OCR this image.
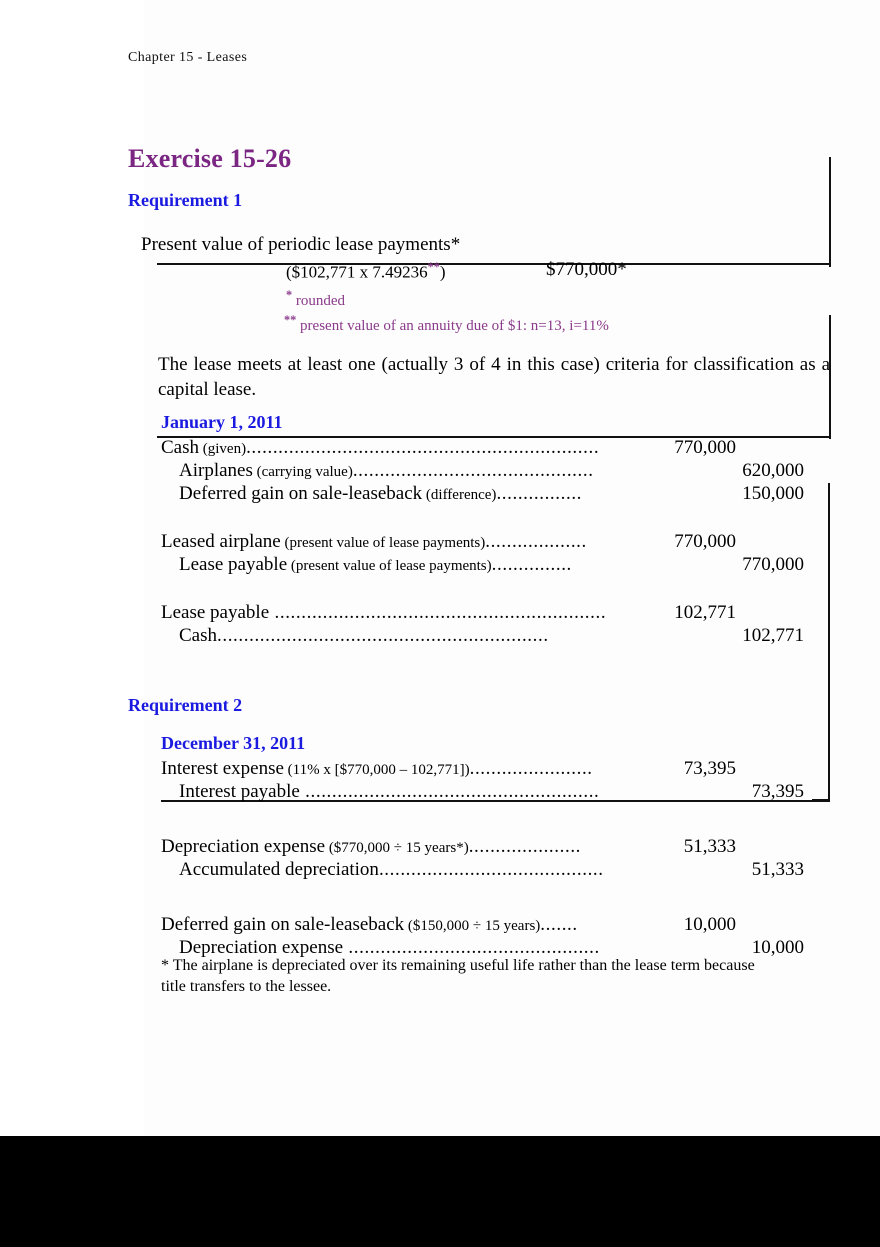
Chapter 15 - Leases
Exercise 15-26
Requirement 1
Present value of periodic lease payments*
($102,771 x 7.49236**)	$770,000*
* rounded
** present value of an annuity due of $1: n=13, i=11%
The lease meets at least one (actually 3 of 4 in this case) criteria for classification as a capital lease.
January 1, 2011
Cash (given)..................................................................	770,000
Airplanes (carrying value).............................................	620,000
Deferred gain on sale-leaseback (difference)................	150,000
Leased airplane (present value of lease payments)...................	770,000
Lease payable (present value of lease payments)...............	770,000
Lease payable ..............................................................	102,771
Cash..............................................................	102,771
Requirement 2
December 31, 2011
Interest expense (11% x [$770,000 – 102,771]).......................	73,395
Interest payable .......................................................	73,395
Depreciation expense ($770,000 ÷ 15 years*).....................	51,333
Accumulated depreciation..........................................	51,333
Deferred gain on sale-leaseback ($150,000 ÷ 15 years).......	10,000
Depreciation expense ...............................................	10,000
* The airplane is depreciated over its remaining useful life rather than the lease term because title transfers to the lessee.
